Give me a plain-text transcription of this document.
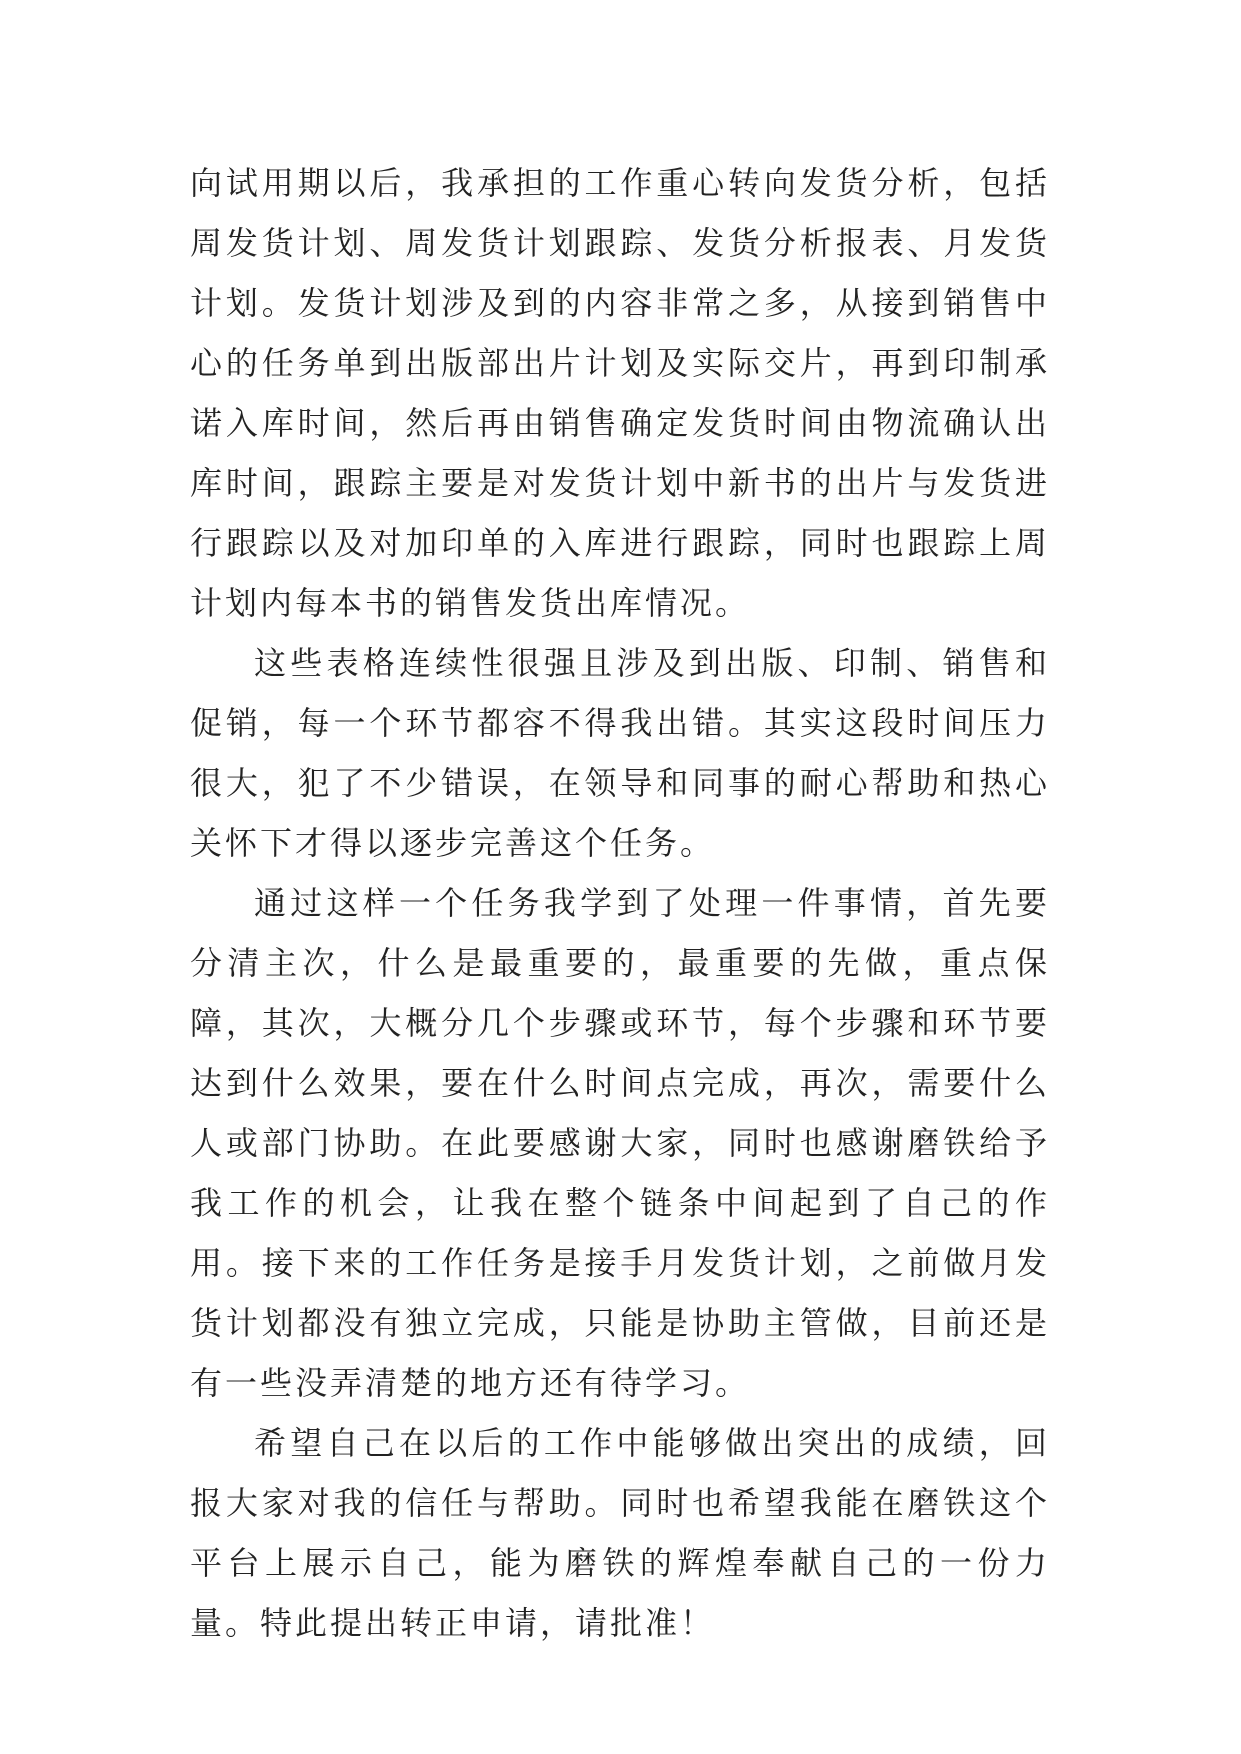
向试用期以后，我承担的工作重心转向发货分析，包括周发货计划、周发货计划跟踪、发货分析报表、月发货计划。发货计划涉及到的内容非常之多，从接到销售中心的任务单到出版部出片计划及实际交片，再到印制承诺入库时间，然后再由销售确定发货时间由物流确认出库时间，跟踪主要是对发货计划中新书的出片与发货进行跟踪以及对加印单的入库进行跟踪，同时也跟踪上周计划内每本书的销售发货出库情况。

这些表格连续性很强且涉及到出版、印制、销售和促销，每一个环节都容不得我出错。其实这段时间压力很大，犯了不少错误，在领导和同事的耐心帮助和热心关怀下才得以逐步完善这个任务。

通过这样一个任务我学到了处理一件事情，首先要分清主次，什么是最重要的，最重要的先做，重点保障，其次，大概分几个步骤或环节，每个步骤和环节要达到什么效果，要在什么时间点完成，再次，需要什么人或部门协助。在此要感谢大家，同时也感谢磨铁给予我工作的机会，让我在整个链条中间起到了自己的作用。接下来的工作任务是接手月发货计划，之前做月发货计划都没有独立完成，只能是协助主管做，目前还是有一些没弄清楚的地方还有待学习。

希望自己在以后的工作中能够做出突出的成绩，回报大家对我的信任与帮助。同时也希望我能在磨铁这个平台上展示自己，能为磨铁的辉煌奉献自己的一份力量。特此提出转正申请，请批准！
